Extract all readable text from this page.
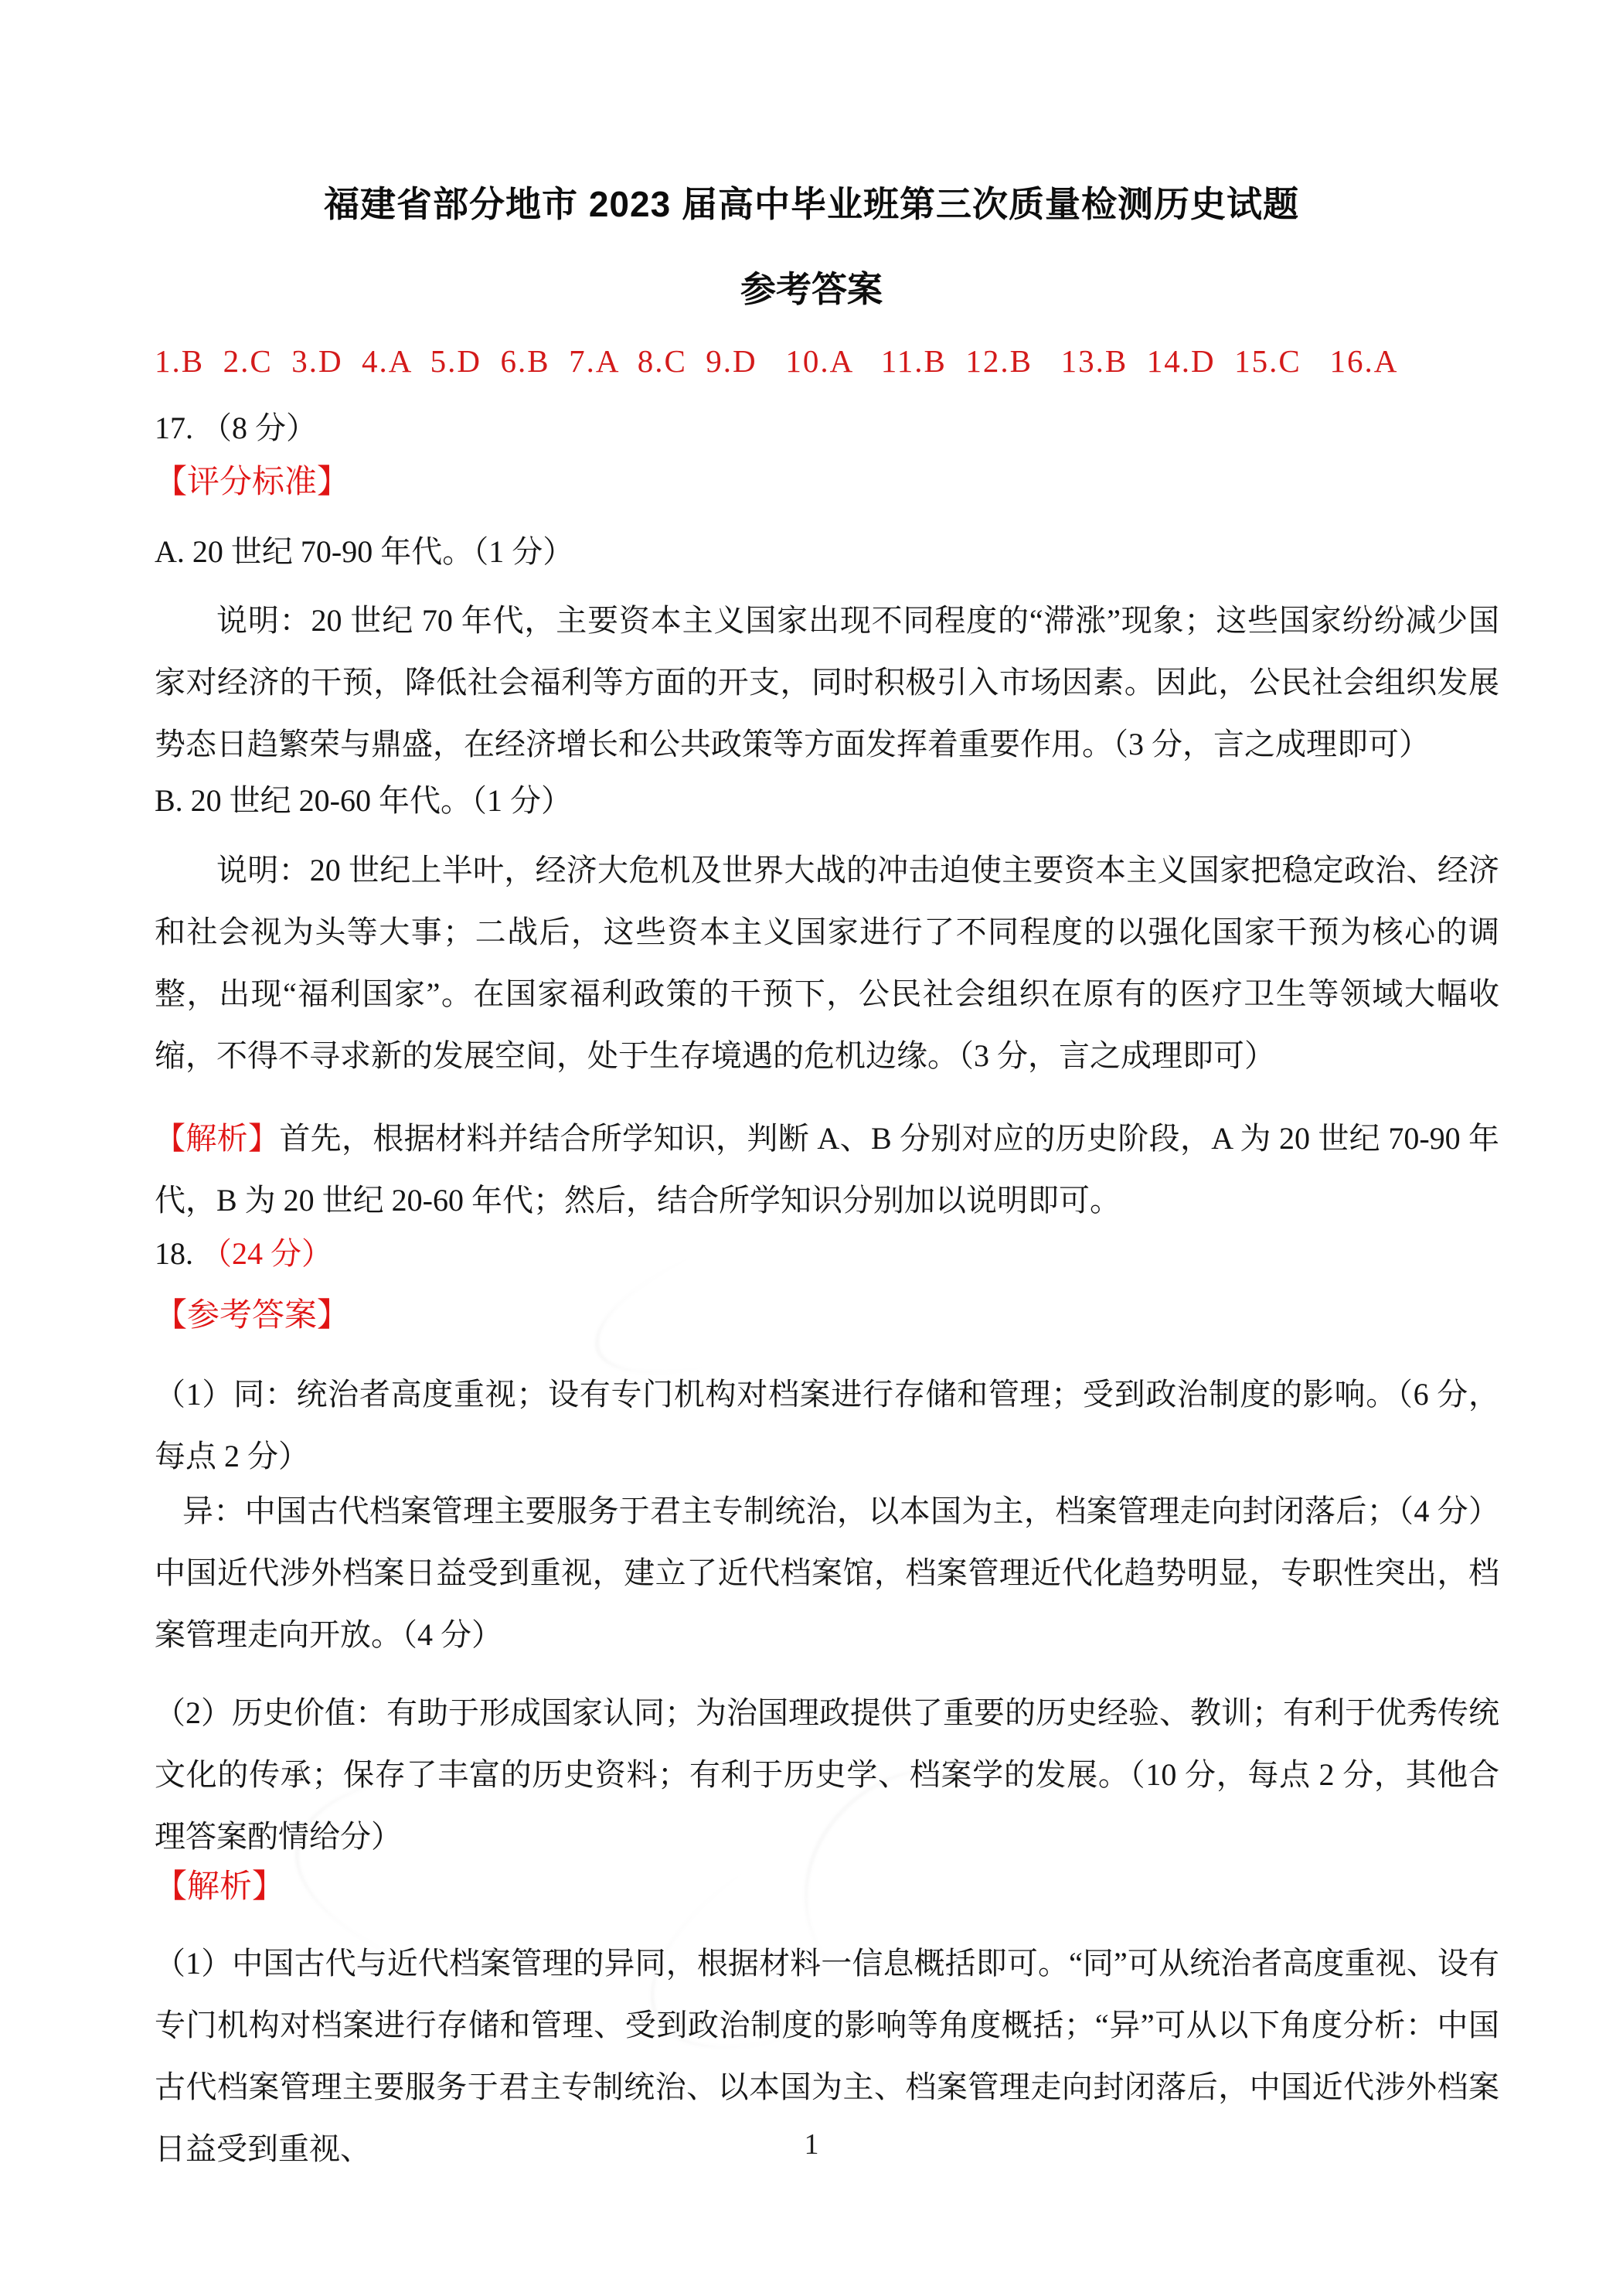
福建省部分地市 2023 届高中毕业班第三次质量检测历史试题
参考答案
1.B  2.C  3.D  4.A  5.D  6.B  7.A  8.C  9.D   10.A   11.B  12.B   13.B  14.D  15.C   16.A
17. （8 分）
【评分标准】
A. 20 世纪 70-90 年代。（1 分）
说明：20 世纪 70 年代，主要资本主义国家出现不同程度的“滞涨”现象；这些国家纷纷减少国家对经济的干预，降低社会福利等方面的开支，同时积极引入市场因素。因此，公民社会组织发展势态日趋繁荣与鼎盛，在经济增长和公共政策等方面发挥着重要作用。（3 分，言之成理即可）
B. 20 世纪 20-60 年代。（1 分）
说明：20 世纪上半叶，经济大危机及世界大战的冲击迫使主要资本主义国家把稳定政治、经济和社会视为头等大事；二战后，这些资本主义国家进行了不同程度的以强化国家干预为核心的调整，出现“福利国家”。在国家福利政策的干预下，公民社会组织在原有的医疗卫生等领域大幅收缩，不得不寻求新的发展空间，处于生存境遇的危机边缘。（3 分，言之成理即可）
【解析】首先，根据材料并结合所学知识，判断 A、B 分别对应的历史阶段，A 为 20 世纪 70-90 年代，B 为 20 世纪 20-60 年代；然后，结合所学知识分别加以说明即可。
18. （24 分）
【参考答案】
（1）同：统治者高度重视；设有专门机构对档案进行存储和管理；受到政治制度的影响。（6 分，每点 2 分）
异：中国古代档案管理主要服务于君主专制统治，以本国为主，档案管理走向封闭落后；（4 分）中国近代涉外档案日益受到重视，建立了近代档案馆，档案管理近代化趋势明显，专职性突出，档案管理走向开放。（4 分）
（2）历史价值：有助于形成国家认同；为治国理政提供了重要的历史经验、教训；有利于优秀传统文化的传承；保存了丰富的历史资料；有利于历史学、档案学的发展。（10 分，每点 2 分，其他合理答案酌情给分）
【解析】
（1）中国古代与近代档案管理的异同，根据材料一信息概括即可。“同”可从统治者高度重视、设有专门机构对档案进行存储和管理、受到政治制度的影响等角度概括；“异”可从以下角度分析：中国古代档案管理主要服务于君主专制统治、以本国为主、档案管理走向封闭落后，中国近代涉外档案日益受到重视、	1
